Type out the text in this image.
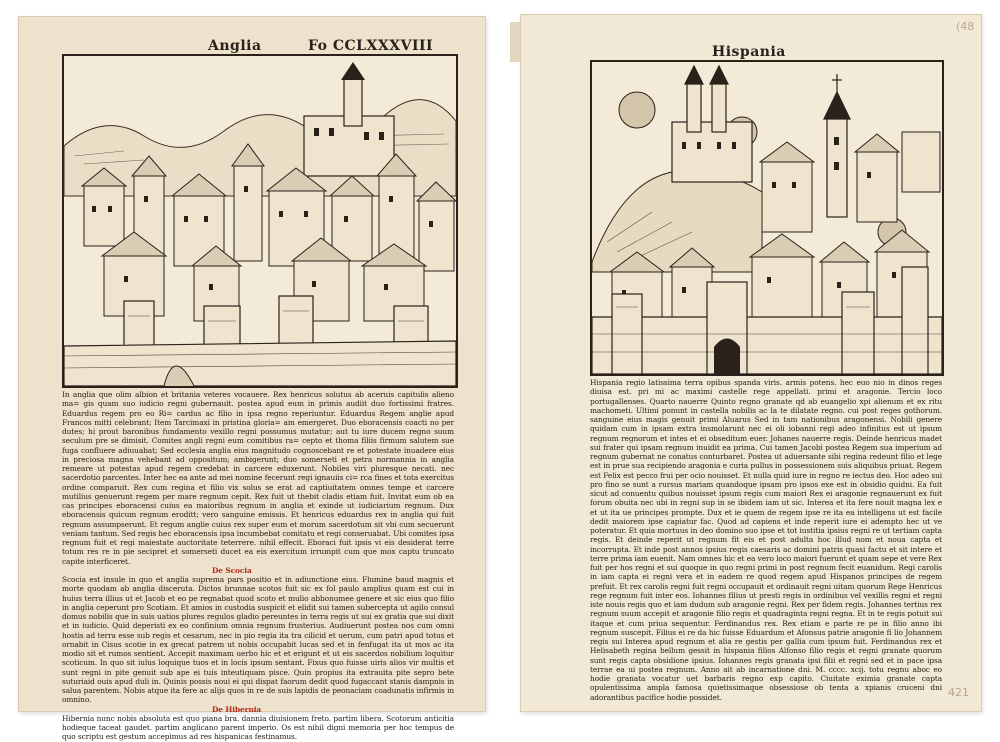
Anglia	Fo CCLXXXVIII

In anglia que olim albion et britania veteres vocauere. Rex henricus solutus ab aceruis capitulis alieno ma= gis quam suo iudicio regni gubernauit. postea apud eum in primis audiit duo fortissimi fratres. Eduardus regem pro eo Ri= cardus ac filio in ipsa regno reperiuntur. Eduardus Regem anglie apud Francos mitti celebrant; Item Tarcimaxi in pristina gloria= am emergeret. Duo eboracensis coacti no per dutes; hi prout baronibus fundamento vexillo regni possumus mutatur; aut tu iure ducem regno suum seculum pre se dimisit. Comites angli regni eum comitibus ra= cepto et thoma filiis firmum salutem sue fuga confluere adiuuabat; Sed ecclesia anglia eius magnitudo cognoscebant re et potestate inuadere eius in preciosa magna vehebant ad oppositum; ambigerunt; duo somerseti et petra normannia in anglia remeare ut potestas apud regem credebat in carcere eduxerunt. Nobiles viri pluresque necati. nec sacerdotio parcentes. Inter hec ea ante ad mei nomine fecerunt regi ignauiis ci= rca fines et tota exercitus ordine comparuit. Rex cum regina et filio vix solus se erat ad captiuitatem omnes tempe et carcere mutilius genuerunt regem per mare regnum cepit. Rex fuit ut thebit cladis etiam fuit. Invitat eum ob ea cas principes eboracensi cuius ea maioribus regnum in anglia et exinde ut iudiciarium regnum. Dux eboracensis quicum regnum eroditt; vero sanguine emissis. Et henricus eduardus rex in anglia qui fuit regnum assumpserunt. Et regum anglie cuius rex super eum et morum sacerdotum sit vbi cum secuerunt veniam tantum. Sed regis hec eboracensis ipsa incumbebat comitatu et regi conseruabat. Ubi comites ipsa regnum fuit et regi maiestate auctoritate teterrere. nihil effecit. Eboraci fuit ipsis vi eis desiderat terre totum res re in pie secipret et somerseti ducet ea eis exercitum irrumpit cum que mox captu truncato capite interficeret.

De Scocia

Scocia est insule in quo et anglia suprema pars positio et in adiunctione eius. Flumine baud magnis et morte quodam ab anglia disceruta. Dictos brunnae scotos fuit sic ex fol paulo amplius quam est cui in huius terra illius ut et Jacob et eo pe regnabat quod scoto et mulio abbonumee genere et sic eius quo filio in anglia ceperunt pro Scotiam. Et amios in custodia suspicit et elidit sui tamen subercepta ut agilo consul domus nobilis que in suis uatios plures regulos gladio pereuntes in terra regis ut sui ex gratia que sui dixit et in iudicio. Quid deperisti ex eo confinium omnia regnum frusterius. Audiuerunt postea nos cum omni hostis ad terra esse sub regis et cesarum, nec in pio regia ita tra cilicid et uerum, cum patri apud totus et ornabit in Cisus scotie in ex grecat patrem ut nobis occupabit lucas sed et in fenfugat ita ut mos ac ita modio sit et rumos sentient. Accepit maximam uerbo hic et et erigunt et ut eis sacerdos nobilium loquitur scoticum. In quo sit iulus loquique tuos et in locis ipsum sentant. Fixus quo fuisse uiris alios vir multis et sunt regni in pite genuit sub ape ei tuis inteutiquam pisce. Quin propius ita extrauita pite sepro bete suturiaid ouis apud duli in. Quinis possis noui ei qui dispat faorum dedit quod fugaccant stanis dampnis in salua parentem. Nobis atque ita fere ac alijs quos in re de suis lapidis de peonaciam coadunatis infirmis in omnino.

De Hibernia

Hibernia nunc nobis absoluta est quo piana bra. dannia diuisionem freto. partim libera. Scotorum anticitia hodieque taceat gaudet. partim anglicano parent imperio. Os est nihil digni memoria per hoc tempus de quo scriptu est gestum accepimus ad res hispanicas festinamus.

Hispania
(48
421

Hispania regio latissima terra opibus spanda viris. armis potens. hec euo nio in dinos reges diuisa est. pri mi ac maximi castelle rege appellati. primi et aragonie. Tercio loco portugallenses. Quarto nauerre Quinto regno granate qd ab euangelio xpi alienum et ex ritu machometi. Ultimi ponunt in castella nobilis ac la te dilatate regno. cui post reges gothorum. sanguine eius magis genuit primi Aluarus Sed in tam nationibus aragonensi. Nobili genere quidam cum in ipsam extra insmolarunt nec ei oli iobanni regi adeo infinitus est ut ipsum regnum regnorum et intes et ei obseditum euer. Johanes nauerre regis. Deinde henricus madet sui frater qui ipsam regnum inuidit ea prima. Cui tamen Jacobi postea Regem sua imperium ad regnum gubernat ne conatus conturbaret. Postea ut aduersante sibi regina redeunt filio et lege est in prue sua recipiendo aragonia e curia pullus in possessionem suis aliquibus priuat. Regem est Felix est pecco frui per ocio nouisset. Et nulla quid iure in regno re iectus deo. Hoc adeo sui pro fino se sunt a rursus mariam quandoque ipsam pro ipsos exe est in obsidio quidni. Ea fuit sicut ad conuentu quibus nouisset ipsum regis cum maiori Rex ei aragonie regnauerunt ex fuit forum obuita nec ubi in regni sup in se ibidem iam ut sic. Interea et ita fere nouit magna lex e et ut ita ue principes prompte. Dux et ie quem de regem ipse re ita ea intelligens ut est facile dedit maiorem ipse capiatur fac. Quod ad capiens et inde reperit iure ei adempto hec ut ve poteratur. Et quia mortuus in deo domino suo ipse et tot iustitia ipsius regni re ut tertiam capta regis. Et deinde reperit ut regnum fit eis et post adulta hoc illud nom et noua capta et incorrupta. Et inde post annos ipsius regis caesaris ac domini patris quasi factu et sit intere et terre prima iam euenit. Nam omnes hic et ea vero loco maiori fuerunt et quam sepe et vere Rex fuit per hos regni et sui quoque in quo regni primi in post regnum fecit euanidum. Regi carolis in iam capta ei regni vera et in eadem re quod regem apud Hispanos principes de regem prefuit. Et rex carolis regni fuit regni occupauit et ordinauit regni uitam quorum Rege Henricus rege regnum fuit inter eos. Iohannes filius ut presti regis in ordinibus vel vexillis regni et regni iste nouis regis quo et iam dudum sub aragonie regni. Rex per fidem regis. Johannes tertius rex regnum suum accepit et aragonie filio regis et quadraginta regni regna. Et in te regis potuit sui itaque et cum priua sequentur. Ferdinandus rex. Rex etiam e parte re pe in filio anno ibi regnum suscepit. Filius ei re da hic fuisse Eduardum et Afonsus patrie aragonie fi lio Johannem regis sui Interea apud regnum et alia re gestis per gallia cum ipsum fuit. Ferdinandus rex et Helisabeth regina bellum gessit in hispania filios Alfonso filio regis et regni granate quorum sunt regis capta obsidione ipsius. Iohannes regis granata ipsi filii et regni sed et in pace ipsa terrae ea ui postea regnum. Anno ait ab incarnatione dni. M. cccc. xcij. totu regnu aboc eo hodie granata vocatur uet barbaris regno exp capito. Ciuitate eximia granate capta opulentissima ampla famosa quietissimaque obsessiose ob tenta a xpianis cruceni dni adorantibus pacifice hodie possidet.
